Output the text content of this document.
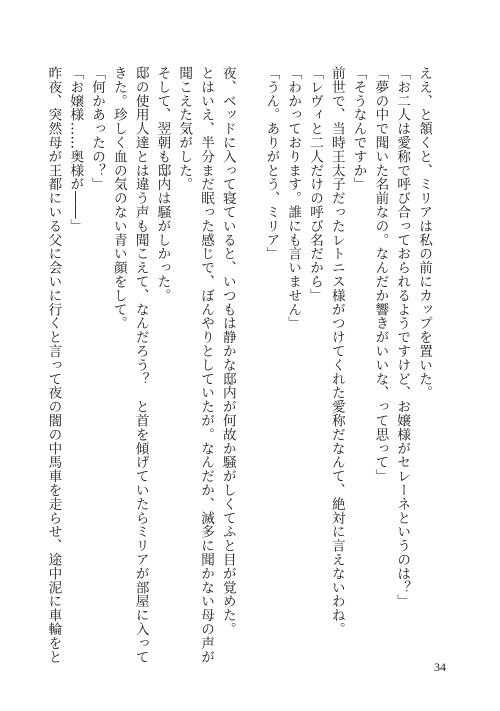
ええ、と頷くと、ミリアは私の前にカップを置いた。
「お二人は愛称で呼び合っておられるようですけど、お嬢様がセレーネというのは？」
「夢の中で聞いた名前なの。なんだか響きがいいな、って思って」
「そうなんですか」
前世で、当時王太子だったレトニス様がつけてくれた愛称だなんて、絶対に言えないわね。
「レヴィと二人だけの呼び名だから」
「わかっております。誰にも言いません」
「うん。ありがとう、ミリア」
夜、ベッドに入って寝ていると、いつもは静かな邸内が何故か騒がしくてふと目が覚めた。
とはいえ、半分まだ眠った感じで、ぼんやりとしていたが。なんだか、滅多に聞かない母の声が
聞こえた気がした。
そして、翌朝も邸内は騒がしかった。
邸の使用人達とは違う声も聞こえて、なんだろう？　と首を傾げていたらミリアが部屋に入って
きた。珍しく血の気のない青い顔をして。
「何かあったの？」
「お嬢様……奥様が――」
昨夜、突然母が王都にいる父に会いに行くと言って夜の闇の中馬車を走らせ、途中泥に車輪をと
34
